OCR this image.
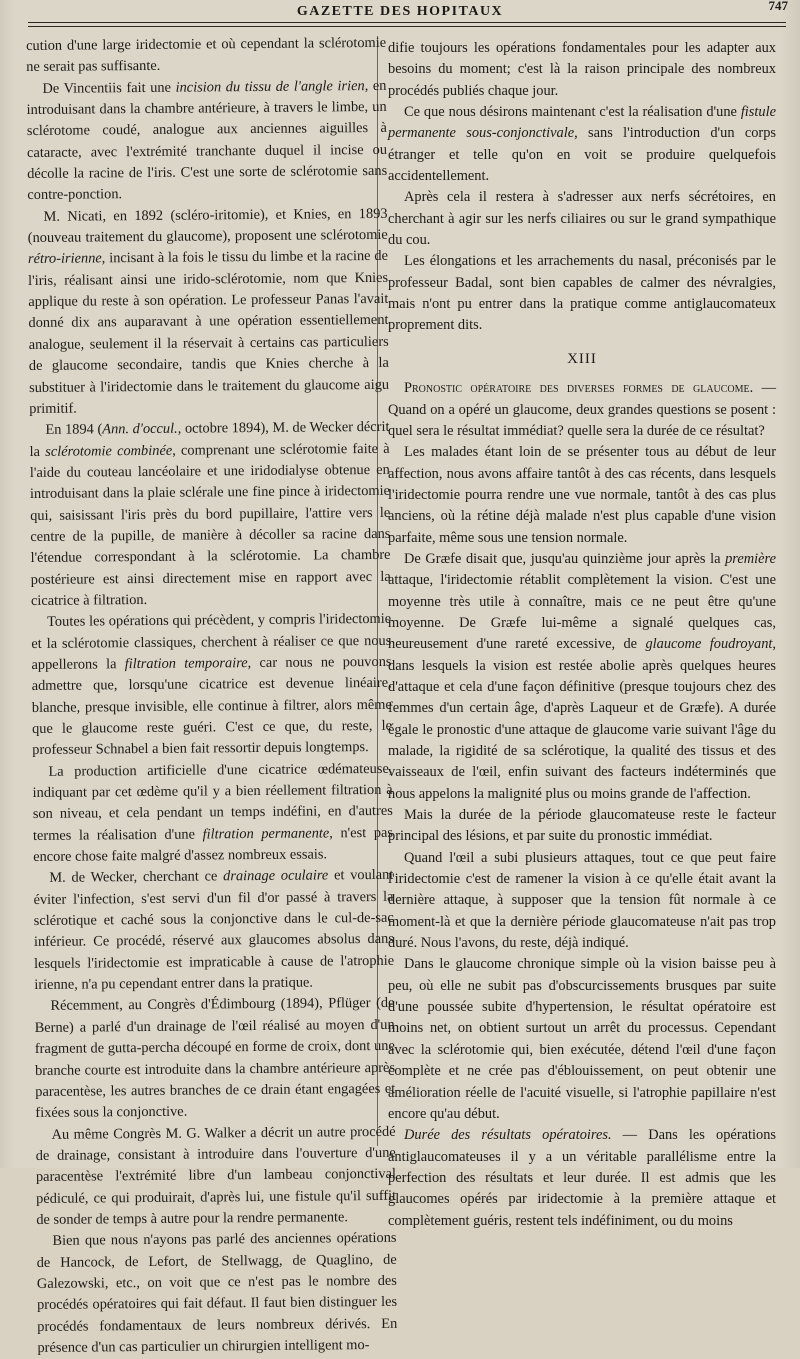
GAZETTE DES HOPITAUX	747

cution d'une large iridectomie et où cependant la sclérotomie ne serait pas suffisante.

De Vincentiis fait une incision du tissu de l'angle irien, en introduisant dans la chambre antérieure, à travers le limbe, un sclérotome coudé, analogue aux anciennes aiguilles à cataracte, avec l'extrémité tranchante duquel il incise ou décolle la racine de l'iris. C'est une sorte de sclérotomie sans contre-ponction.

M. Nicati, en 1892 (scléro-iritomie), et Knies, en 1893 (nouveau traitement du glaucome), proposent une sclérotomie rétro-irienne, incisant à la fois le tissu du limbe et la racine de l'iris, réalisant ainsi une irido-sclérotomie, nom que Knies applique du reste à son opération. Le professeur Panas l'avait donné dix ans auparavant à une opération essentiellement analogue, seulement il la réservait à certains cas particuliers de glaucome secondaire, tandis que Knies cherche à la substituer à l'iridectomie dans le traitement du glaucome aigu primitif.

En 1894 (Ann. d'occul., octobre 1894), M. de Wecker décrit la sclérotomie combinée, comprenant une sclérotomie faite à l'aide du couteau lancéolaire et une iridodialyse obtenue en introduisant dans la plaie sclérale une fine pince à iridectomie qui, saisissant l'iris près du bord pupillaire, l'attire vers le centre de la pupille, de manière à décoller sa racine dans l'étendue correspondant à la sclérotomie. La chambre postérieure est ainsi directement mise en rapport avec la cicatrice à filtration.

Toutes les opérations qui précèdent, y compris l'iridectomie et la sclérotomie classiques, cherchent à réaliser ce que nous appellerons la filtration temporaire, car nous ne pouvons admettre que, lorsqu'une cicatrice est devenue linéaire, blanche, presque invisible, elle continue à filtrer, alors même que le glaucome reste guéri. C'est ce que, du reste, le professeur Schnabel a bien fait ressortir depuis longtemps.

La production artificielle d'une cicatrice œdémateuse, indiquant par cet œdème qu'il y a bien réellement filtration à son niveau, et cela pendant un temps indéfini, en d'autres termes la réalisation d'une filtration permanente, n'est pas encore chose faite malgré d'assez nombreux essais.

M. de Wecker, cherchant ce drainage oculaire et voulant éviter l'infection, s'est servi d'un fil d'or passé à travers la sclérotique et caché sous la conjonctive dans le cul-de-sac inférieur. Ce procédé, réservé aux glaucomes absolus dans lesquels l'iridectomie est impraticable à cause de l'atrophie irienne, n'a pu cependant entrer dans la pratique.

Récemment, au Congrès d'Édimbourg (1894), Pflüger (de Berne) a parlé d'un drainage de l'œil réalisé au moyen d'un fragment de gutta-percha découpé en forme de croix, dont une branche courte est introduite dans la chambre antérieure après paracentèse, les autres branches de ce drain étant engagées et fixées sous la conjonctive.

Au même Congrès M. G. Walker a décrit un autre procédé de drainage, consistant à introduire dans l'ouverture d'une paracentèse l'extrémité libre d'un lambeau conjonctival pédiculé, ce qui produirait, d'après lui, une fistule qu'il suffit de sonder de temps à autre pour la rendre permanente.

Bien que nous n'ayons pas parlé des anciennes opérations de Hancock, de Lefort, de Stellwagg, de Quaglino, de Galezowski, etc., on voit que ce n'est pas le nombre des procédés opératoires qui fait défaut. Il faut bien distinguer les procédés fondamentaux de leurs nombreux dérivés. En présence d'un cas particulier un chirurgien intelligent mo-

difie toujours les opérations fondamentales pour les adapter aux besoins du moment; c'est là la raison principale des nombreux procédés publiés chaque jour.

Ce que nous désirons maintenant c'est la réalisation d'une fistule permanente sous-conjonctivale, sans l'introduction d'un corps étranger et telle qu'on en voit se produire quelquefois accidentellement.

Après cela il restera à s'adresser aux nerfs sécrétoires, en cherchant à agir sur les nerfs ciliaires ou sur le grand sympathique du cou.

Les élongations et les arrachements du nasal, préconisés par le professeur Badal, sont bien capables de calmer des névralgies, mais n'ont pu entrer dans la pratique comme antiglaucomateux proprement dits.

XIII

Pronostic opératoire des diverses formes de glaucome. — Quand on a opéré un glaucome, deux grandes questions se posent : quel sera le résultat immédiat? quelle sera la durée de ce résultat?

Les malades étant loin de se présenter tous au début de leur affection, nous avons affaire tantôt à des cas récents, dans lesquels l'iridectomie pourra rendre une vue normale, tantôt à des cas plus anciens, où la rétine déjà malade n'est plus capable d'une vision parfaite, même sous une tension normale.

De Græfe disait que, jusqu'au quinzième jour après la première attaque, l'iridectomie rétablit complètement la vision. C'est une moyenne très utile à connaître, mais ce ne peut être qu'une moyenne. De Græfe lui-même a signalé quelques cas, heureusement d'une rareté excessive, de glaucome foudroyant, dans lesquels la vision est restée abolie après quelques heures d'attaque et cela d'une façon définitive (presque toujours chez des femmes d'un certain âge, d'après Laqueur et de Græfe). A durée égale le pronostic d'une attaque de glaucome varie suivant l'âge du malade, la rigidité de sa sclérotique, la qualité des tissus et des vaisseaux de l'œil, enfin suivant des facteurs indéterminés que nous appelons la malignité plus ou moins grande de l'affection.

Mais la durée de la période glaucomateuse reste le facteur principal des lésions, et par suite du pronostic immédiat.

Quand l'œil a subi plusieurs attaques, tout ce que peut faire l'iridectomie c'est de ramener la vision à ce qu'elle était avant la dernière attaque, à supposer que la tension fût normale à ce moment-là et que la dernière période glaucomateuse n'ait pas trop duré. Nous l'avons, du reste, déjà indiqué.

Dans le glaucome chronique simple où la vision baisse peu à peu, où elle ne subit pas d'obscurcissements brusques par suite d'une poussée subite d'hypertension, le résultat opératoire est moins net, on obtient surtout un arrêt du processus. Cependant avec la sclérotomie qui, bien exécutée, détend l'œil d'une façon complète et ne crée pas d'éblouissement, on peut obtenir une amélioration réelle de l'acuité visuelle, si l'atrophie papillaire n'est encore qu'au début.

Durée des résultats opératoires. — Dans les opérations antiglaucomateuses il y a un véritable parallélisme entre la perfection des résultats et leur durée. Il est admis que les glaucomes opérés par iridectomie à la première attaque et complètement guéris, restent tels indéfiniment, ou du moins
